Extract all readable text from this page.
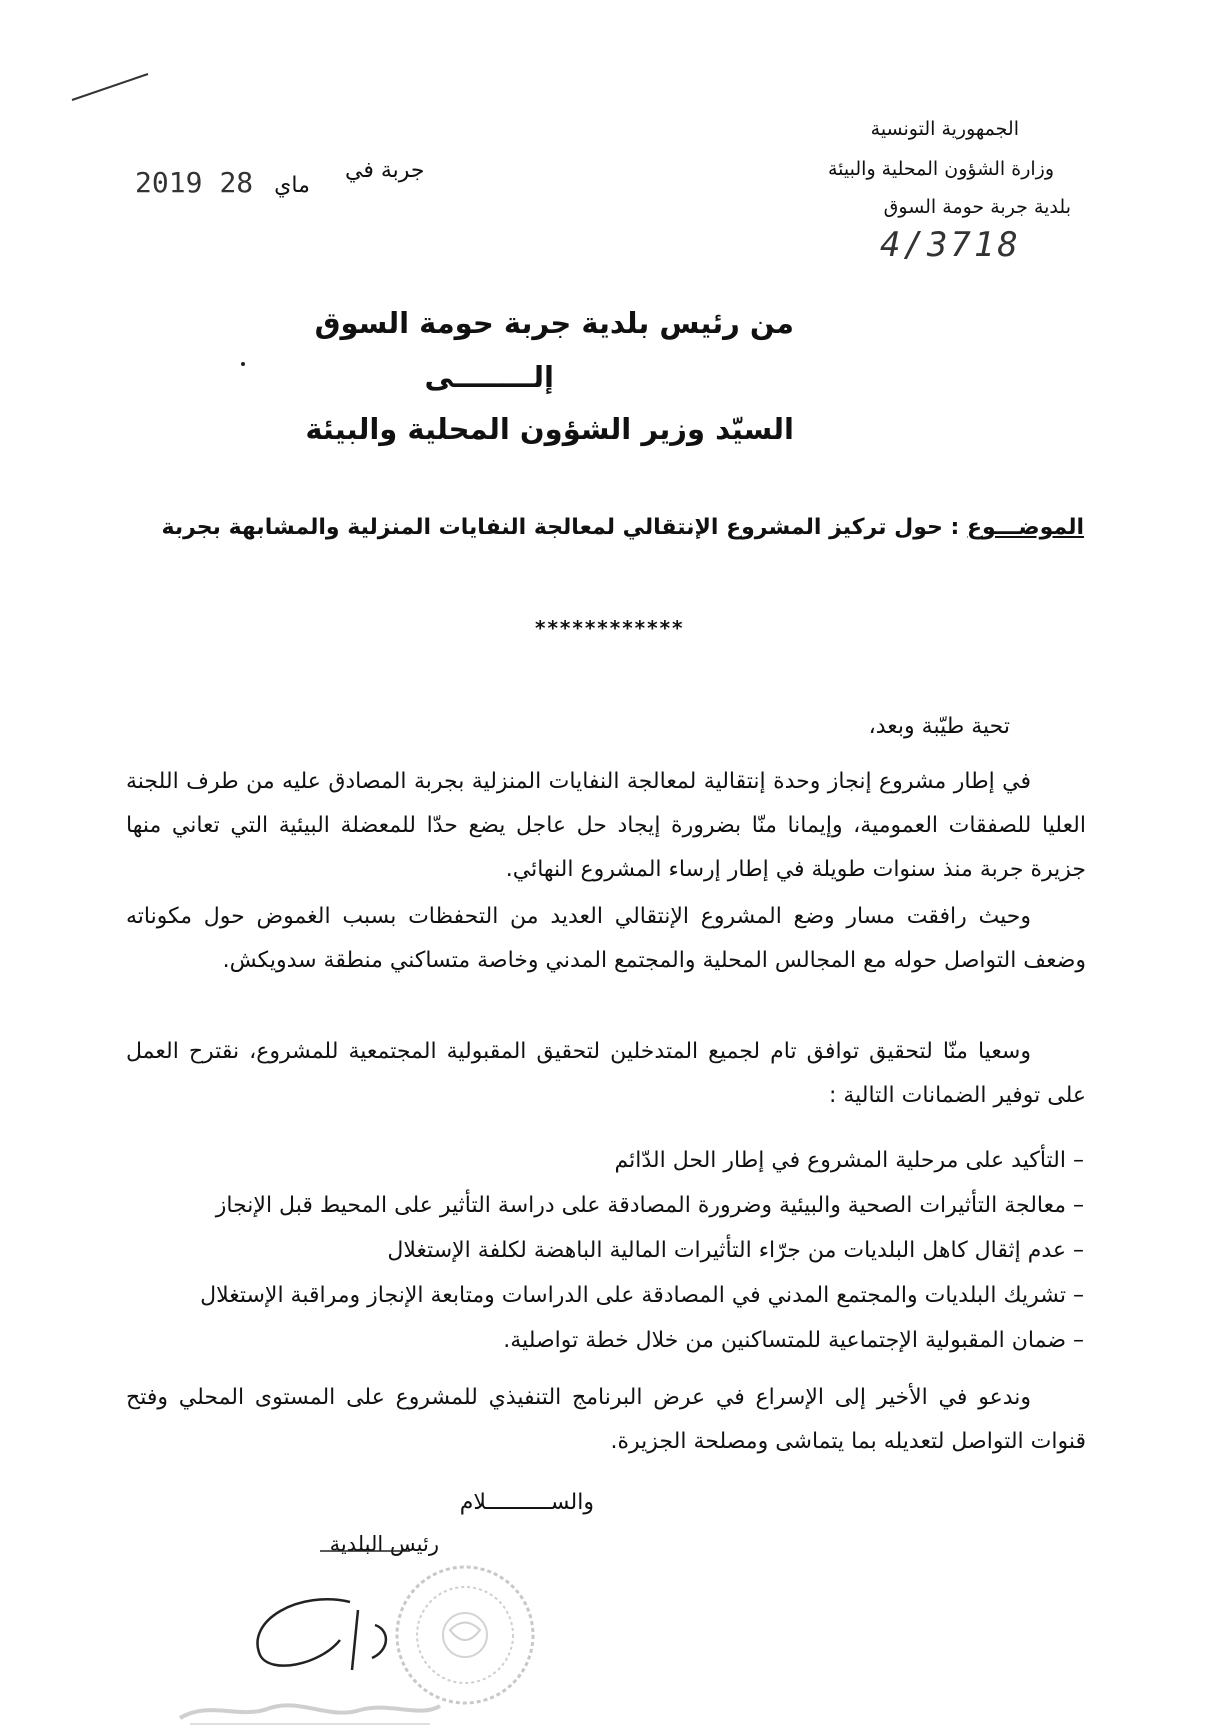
الجمهورية التونسية
وزارة الشؤون المحلية والبيئة
بلدية جربة حومة السوق
4/3718
جربة في
2019	ماي 28
من رئيس بلدية جربة حومة السوق
إلــــــــى
السيّد وزير الشؤون المحلية والبيئة
الموضـــوع : حول تركيز المشروع الإنتقالي لمعالجة النفايات المنزلية والمشابهة بجربة
************
تحية طيّبة وبعد،
في إطار مشروع إنجاز وحدة إنتقالية لمعالجة النفايات المنزلية بجربة المصادق عليه من طرف اللجنة العليا للصفقات العمومية، وإيمانا منّا بضرورة إيجاد حل عاجل يضع حدّا للمعضلة البيئية التي تعاني منها جزيرة جربة منذ سنوات طويلة في إطار إرساء المشروع النهائي.
وحيث رافقت مسار وضع المشروع الإنتقالي العديد من التحفظات بسبب الغموض حول مكوناته وضعف التواصل حوله مع المجالس المحلية والمجتمع المدني وخاصة متساكني منطقة سدويكش.
وسعيا منّا لتحقيق توافق تام لجميع المتدخلين لتحقيق المقبولية المجتمعية للمشروع، نقترح العمل على توفير الضمانات التالية :
– التأكيد على مرحلية المشروع في إطار الحل الدّائم
– معالجة التأثيرات الصحية والبيئية وضرورة المصادقة على دراسة التأثير على المحيط قبل الإنجاز
– عدم إثقال كاهل البلديات من جرّاء التأثيرات المالية الباهضة لكلفة الإستغلال
– تشريك البلديات والمجتمع المدني في المصادقة على الدراسات ومتابعة الإنجاز ومراقبة الإستغلال
– ضمان المقبولية الإجتماعية للمتساكنين من خلال خطة تواصلية.
وندعو في الأخير إلى الإسراع في عرض البرنامج التنفيذي للمشروع على المستوى المحلي وفتح قنوات التواصل لتعديله بما يتماشى ومصلحة الجزيرة.
والســــــــــلام
رئيس البلدية
